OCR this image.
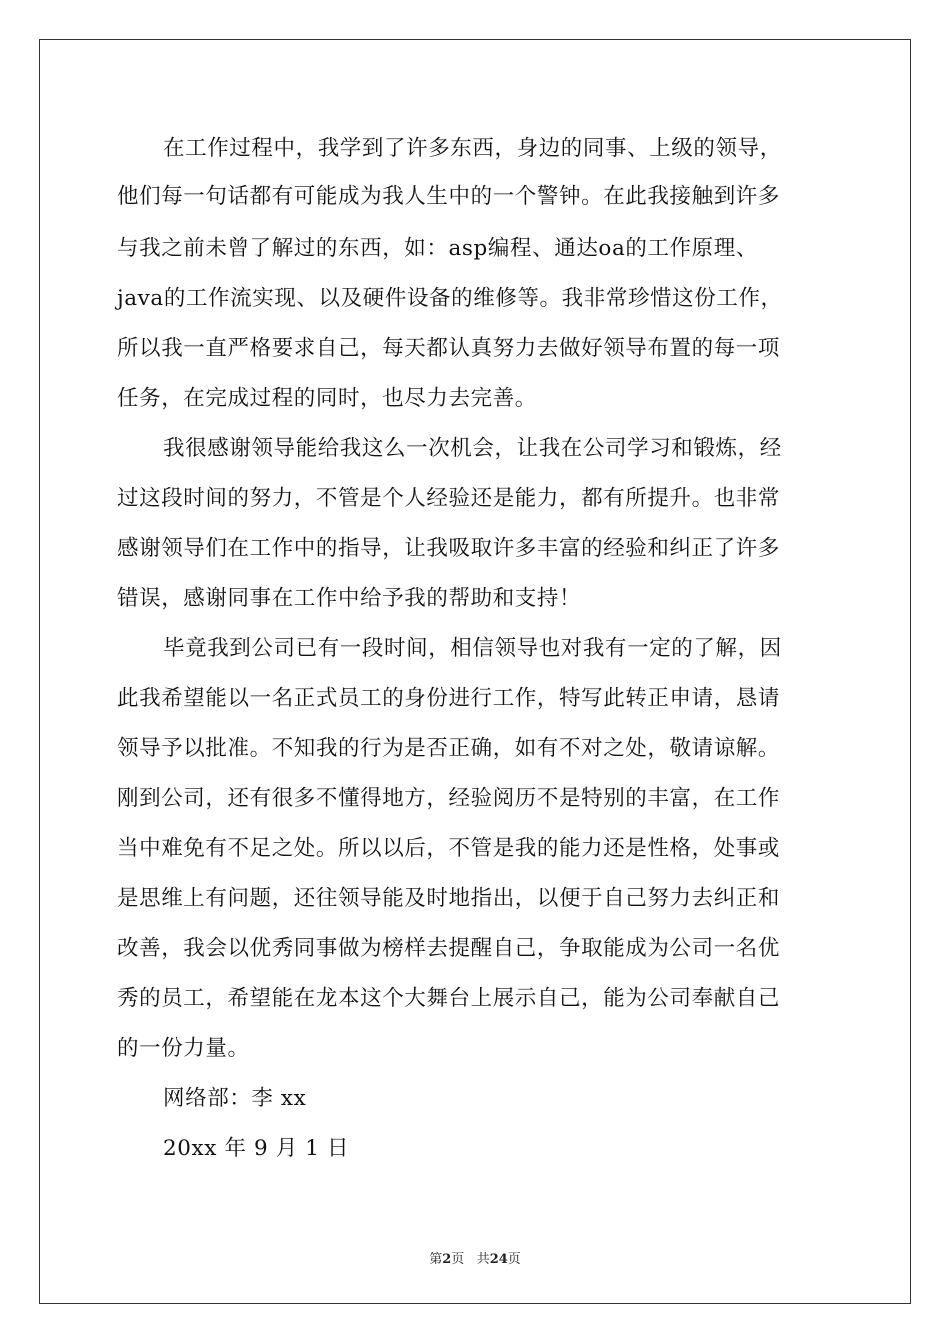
在工作过程中，我学到了许多东西，身边的同事、上级的领导，
他们每一句话都有可能成为我人生中的一个警钟。在此我接触到许多
与我之前未曾了解过的东西，如：asp编程、通达oa的工作原理、
java的工作流实现、以及硬件设备的维修等。我非常珍惜这份工作，
所以我一直严格要求自己，每天都认真努力去做好领导布置的每一项
任务，在完成过程的同时，也尽力去完善。
我很感谢领导能给我这么一次机会，让我在公司学习和锻炼，经
过这段时间的努力，不管是个人经验还是能力，都有所提升。也非常
感谢领导们在工作中的指导，让我吸取许多丰富的经验和纠正了许多
错误，感谢同事在工作中给予我的帮助和支持！
毕竟我到公司已有一段时间，相信领导也对我有一定的了解，因
此我希望能以一名正式员工的身份进行工作，特写此转正申请，恳请
领导予以批准。不知我的行为是否正确，如有不对之处，敬请谅解。
刚到公司，还有很多不懂得地方，经验阅历不是特别的丰富，在工作
当中难免有不足之处。所以以后，不管是我的能力还是性格，处事或
是思维上有问题，还往领导能及时地指出，以便于自己努力去纠正和
改善，我会以优秀同事做为榜样去提醒自己，争取能成为公司一名优
秀的员工，希望能在龙本这个大舞台上展示自己，能为公司奉献自己
的一份力量。
网络部：李 xx
20xx 年 9 月 1 日
第2页 共24页
